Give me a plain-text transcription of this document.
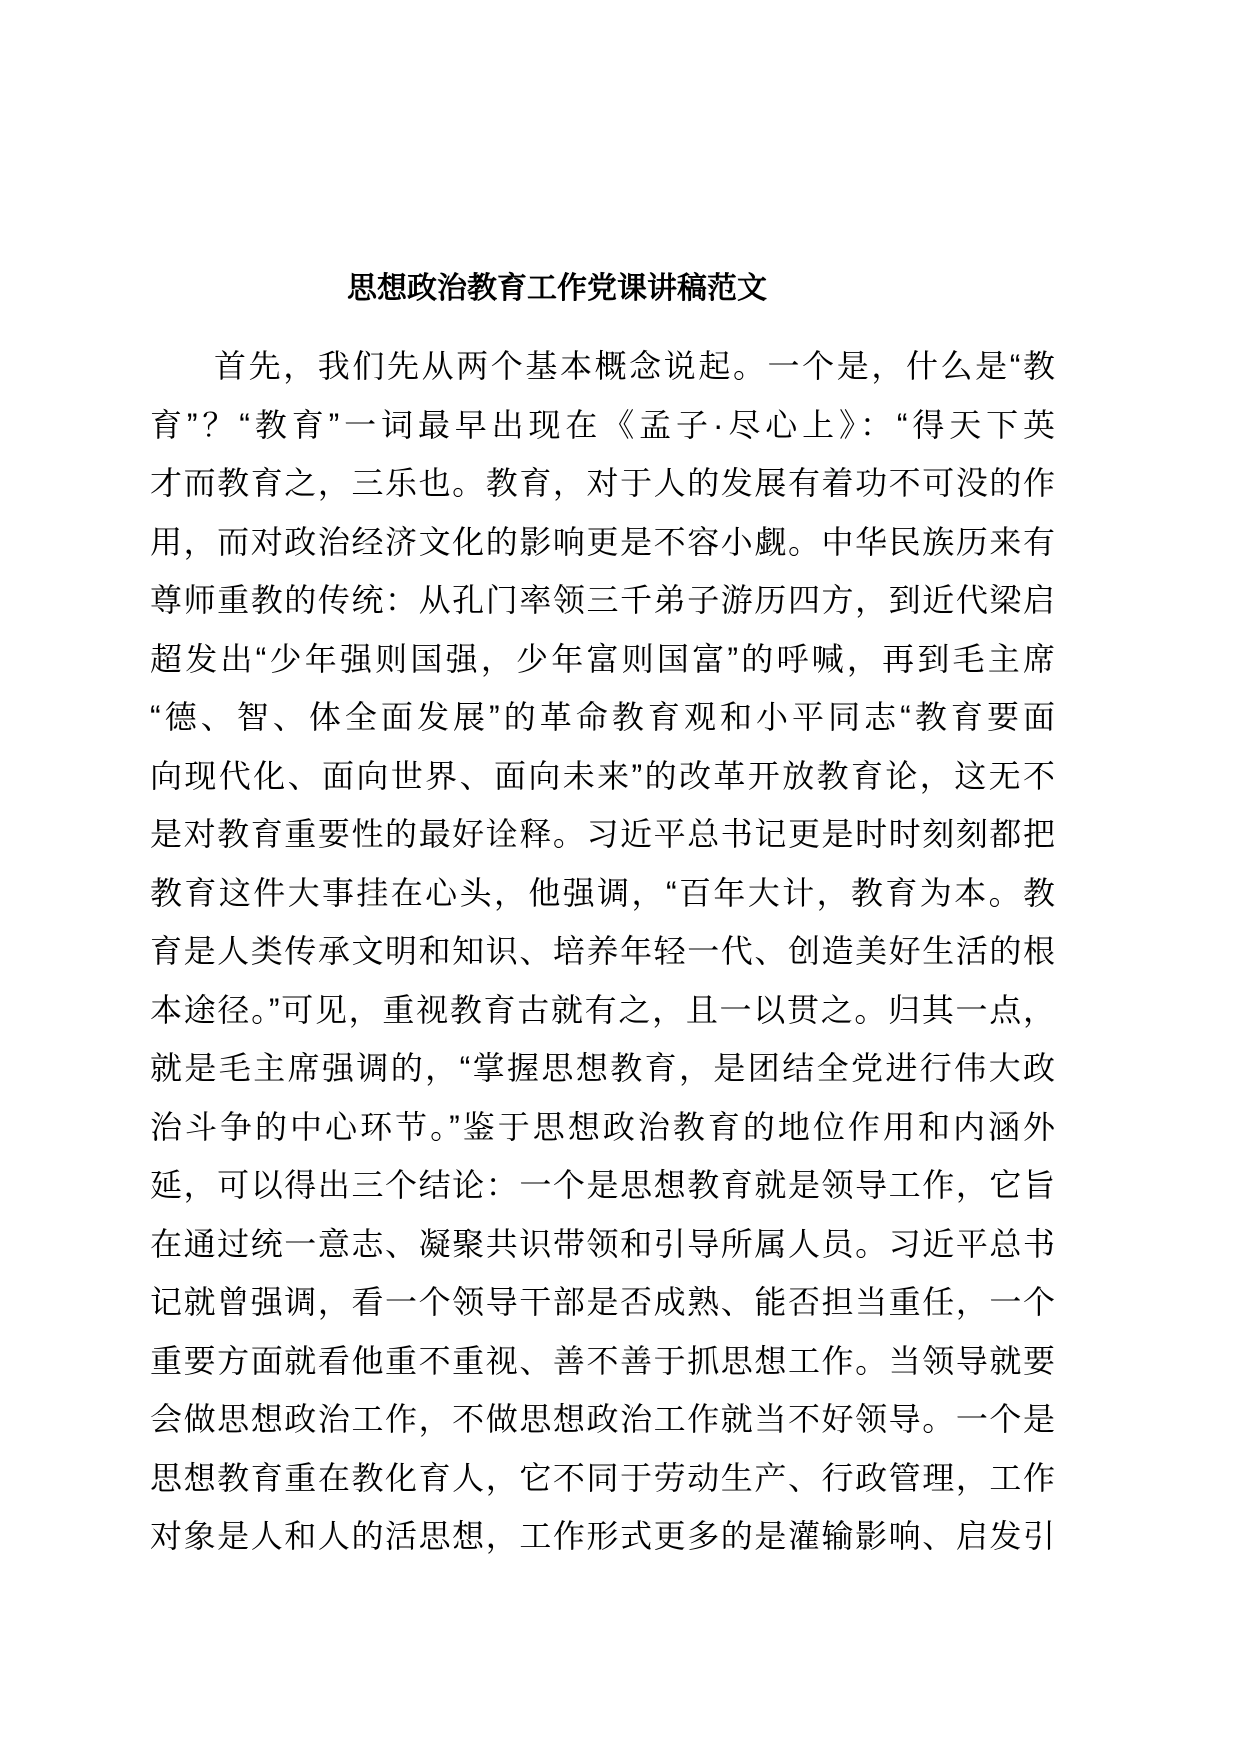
思想政治教育工作党课讲稿范文
首先，我们先从两个基本概念说起。一个是，什么是“教
育”？“教育”一词最早出现在《孟子·尽心上》：“得天下英
才而教育之，三乐也。教育，对于人的发展有着功不可没的作
用，而对政治经济文化的影响更是不容小觑。中华民族历来有
尊师重教的传统：从孔门率领三千弟子游历四方，到近代梁启
超发出“少年强则国强，少年富则国富”的呼喊，再到毛主席
“德、智、体全面发展”的革命教育观和小平同志“教育要面
向现代化、面向世界、面向未来”的改革开放教育论，这无不
是对教育重要性的最好诠释。习近平总书记更是时时刻刻都把
教育这件大事挂在心头，他强调，“百年大计，教育为本。教
育是人类传承文明和知识、培养年轻一代、创造美好生活的根
本途径。”可见，重视教育古就有之，且一以贯之。归其一点，
就是毛主席强调的，“掌握思想教育，是团结全党进行伟大政
治斗争的中心环节。”鉴于思想政治教育的地位作用和内涵外
延，可以得出三个结论：一个是思想教育就是领导工作，它旨
在通过统一意志、凝聚共识带领和引导所属人员。习近平总书
记就曾强调，看一个领导干部是否成熟、能否担当重任，一个
重要方面就看他重不重视、善不善于抓思想工作。当领导就要
会做思想政治工作，不做思想政治工作就当不好领导。一个是
思想教育重在教化育人，它不同于劳动生产、行政管理，工作
对象是人和人的活思想，工作形式更多的是灌输影响、启发引
